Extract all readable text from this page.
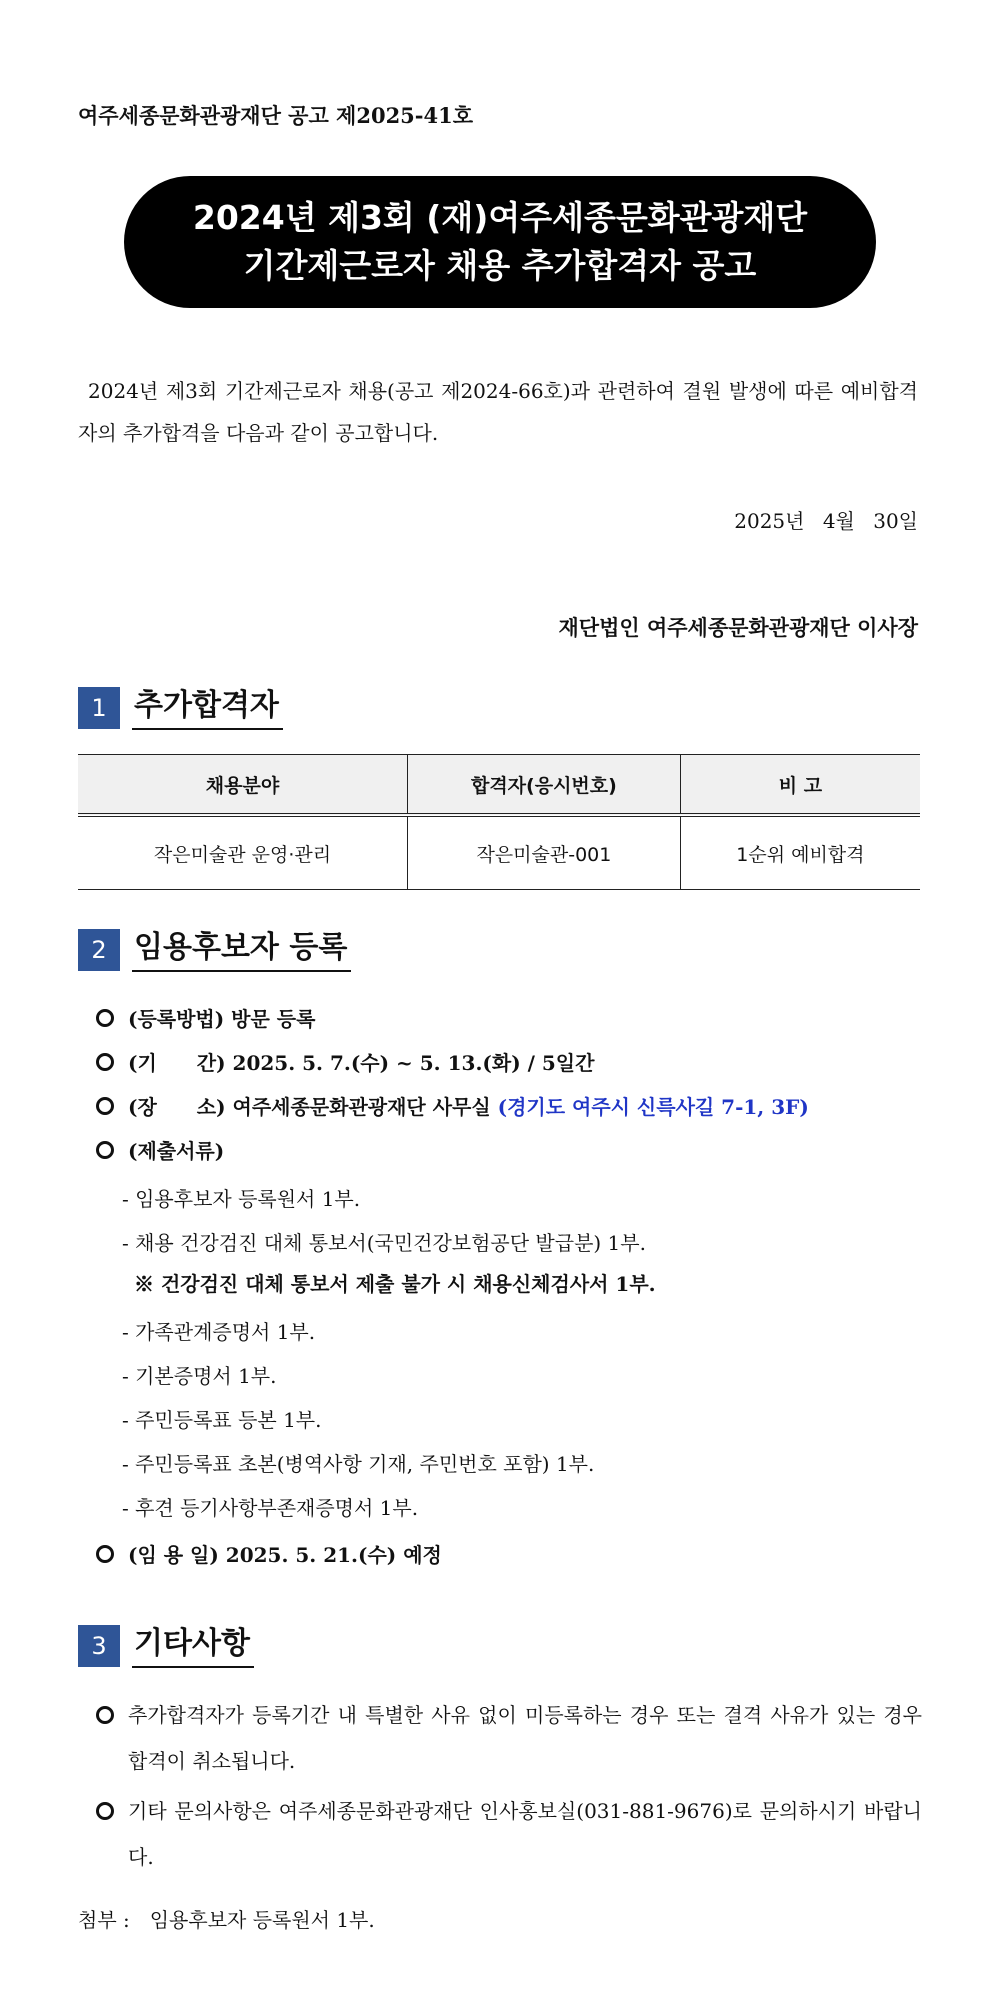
여주세종문화관광재단 공고 제2025-41호
2024년 제3회 (재)여주세종문화관광재단
기간제근로자 채용 추가합격자 공고
2024년 제3회 기간제근로자 채용(공고 제2024-66호)과 관련하여 결원 발생에 따른 예비합격자의 추가합격을 다음과 같이 공고합니다.
2025년 4월 30일
재단법인 여주세종문화관광재단 이사장
1 추가합격자
채용분야	합격자(응시번호)	비 고
작은미술관 운영·관리	작은미술관-001	1순위 예비합격
2 임용후보자 등록
(등록방법) 방문 등록
(기　　간) 2025. 5. 7.(수) ~ 5. 13.(화) / 5일간
(장　　소) 여주세종문화관광재단 사무실
(경기도 여주시 신륵사길 7-1, 3F)
(제출서류)
- 임용후보자 등록원서 1부.
- 채용 건강검진 대체 통보서(국민건강보험공단 발급분) 1부.
※ 건강검진 대체 통보서 제출 불가 시 채용신체검사서 1부.
- 가족관계증명서 1부.
- 기본증명서 1부.
- 주민등록표 등본 1부.
- 주민등록표 초본(병역사항 기재, 주민번호 포함) 1부.
- 후견 등기사항부존재증명서 1부.
(임 용 일) 2025. 5. 21.(수) 예정
3 기타사항
추가합격자가 등록기간 내 특별한 사유 없이 미등록하는 경우 또는 결격 사유가 있는 경우 합격이 취소됩니다.
기타 문의사항은 여주세종문화관광재단 인사홍보실(031-881-9676)로 문의하시기 바랍니다.
첨부 :　임용후보자 등록원서 1부.
